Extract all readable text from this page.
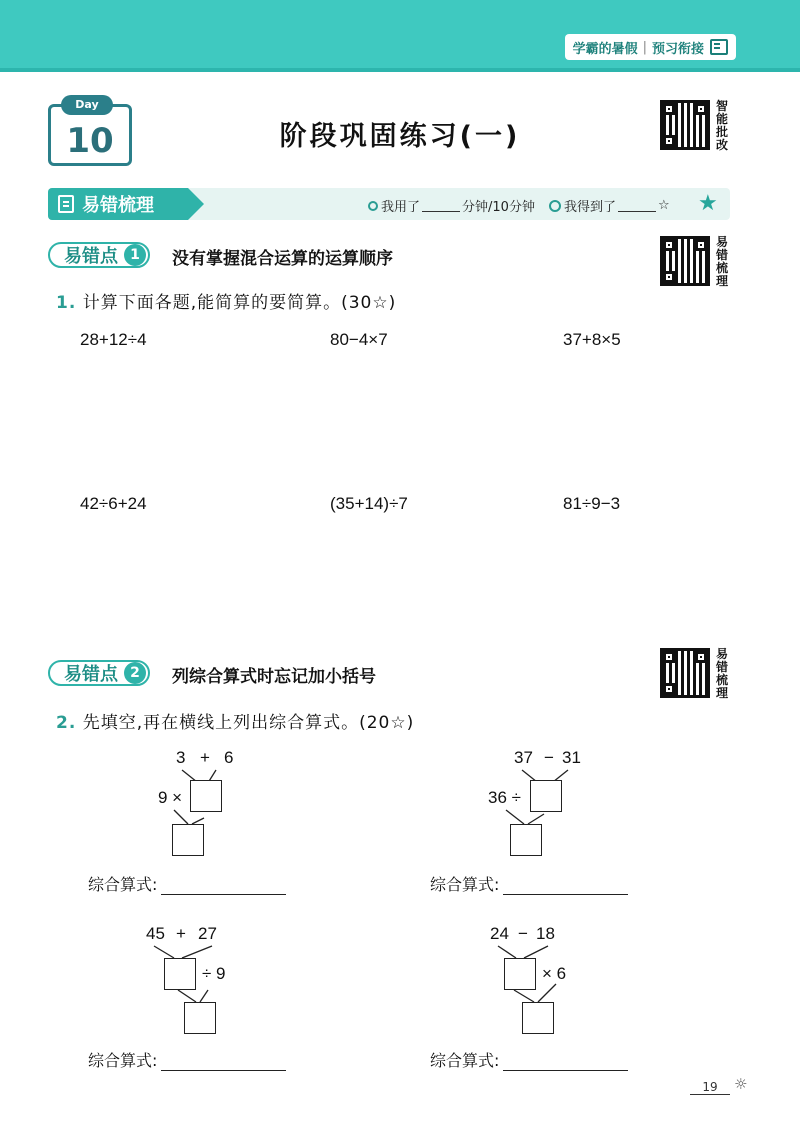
学霸的暑假 | 预习衔接
Day
10	阶段巩固练习(一)
智
能
批
改
易错梳理	我用了	分钟/10分钟 我得到了	☆ ★
易错点 1	没有掌握混合运算的运算顺序
易
错
梳
理
1. 计算下面各题,能简算的要简算。(30☆)
28+12÷4	80−4×7	37+8×5
42÷6+24	(35+14)÷7	81÷9−3
易错点 2	列综合算式时忘记加小括号
易
错
梳
理
2. 先填空,再在横线上列出综合算式。(20☆)
3 + 6
9 ×
综合算式:
37 − 31
36 ÷
综合算式:
45 + 27
÷ 9
综合算式:
24 − 18
× 6
综合算式:
19	☼
